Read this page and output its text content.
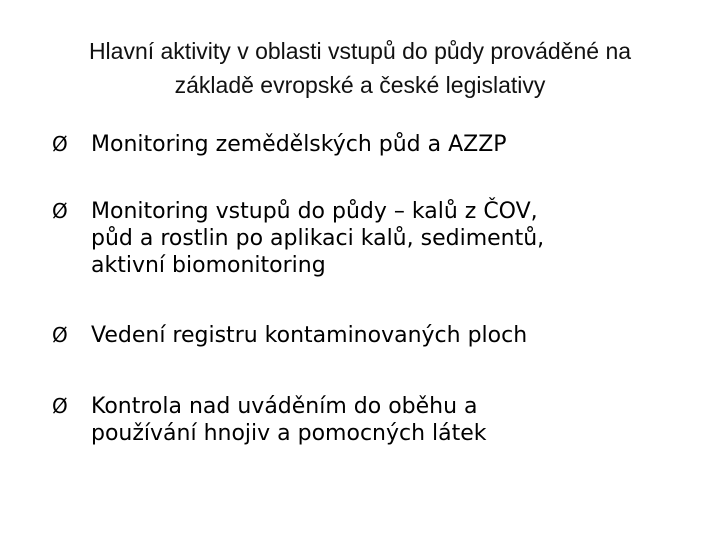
Hlavní aktivity v oblasti vstupů do půdy prováděné na
základě evropské a české legislativy
Ø	Monitoring zemědělských půd a AZZP
Ø	Monitoring vstupů do půdy – kalů z ČOV,
půd a rostlin po aplikaci kalů, sedimentů,
aktivní biomonitoring
Ø	Vedení registru kontaminovaných ploch
Ø	Kontrola nad uváděním do oběhu a
používání hnojiv a pomocných látek
